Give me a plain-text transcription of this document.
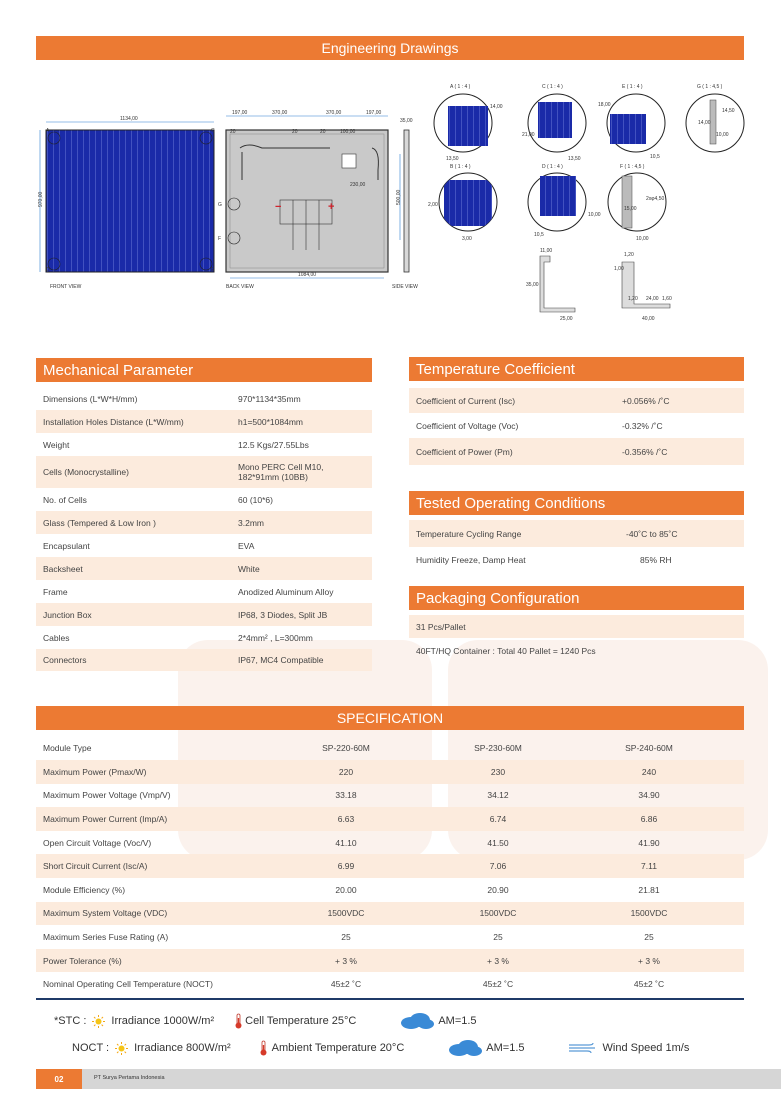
Engineering Drawings
1134,00
970,00
A	C
D	E
FRONT VIEW
197,00	370,00	370,00	197,00
20	20	20	100,00
230,00
−	+
G
F
1084,00
500,00
BACK VIEW
35,00
SIDE VIEW
A ( 1 : 4 )
14,00
13,50
C ( 1 : 4 )
21,00
13,50
E ( 1 : 4 )
18,00
10,5
G ( 1 : 4,5 )
14,00
14,50
10,00
B ( 1 : 4 )
2,00
3,00
D ( 1 : 4 )
10,00
10,5
F ( 1 : 4,5 )
15,00
2xφ4,50
10,00
11,00
35,00
25,00
1,20
1,00
1,20 24,00 1,60
40,00
Mechanical Parameter
Dimensions (L*W*H/mm)	970*1134*35mm
Installation Holes Distance (L*W/mm)	h1=500*1084mm
Weight	12.5 Kgs/27.55Lbs
Cells (Monocrystalline)	Mono PERC Cell M10,
182*91mm (10BB)
No. of Cells	60 (10*6)
Glass (Tempered & Low Iron )	3.2mm
Encapsulant	EVA
Backsheet	White
Frame	Anodized Aluminum Alloy
Junction Box	IP68, 3 Diodes, Split JB
Cables	2*4mm² , L=300mm
Connectors	IP67, MC4 Compatible
Temperature Coefficient
Coefficient of Current (Isc)	+0.056% /˚C
Coefficient of Voltage (Voc)	-0.32% /˚C
Coefficient of Power (Pm)	-0.356% /˚C
Tested Operating Conditions
Temperature Cycling Range	-40˚C to 85˚C
Humidity Freeze, Damp Heat	85% RH
Packaging Configuration
31 Pcs/Pallet
40FT/HQ Container : Total 40 Pallet = 1240 Pcs
SPECIFICATION
Module Type	SP-220-60M	SP-230-60M	SP-240-60M
Maximum Power (Pmax/W)	220	230	240
Maximum Power Voltage (Vmp/V)	33.18	34.12	34.90
Maximum Power Current (Imp/A)	6.63	6.74	6.86
Open Circuit Voltage (Voc/V)	41.10	41.50	41.90
Short Circuit Current (Isc/A)	6.99	7.06	7.11
Module Efficiency (%)	20.00	20.90	21.81
Maximum System Voltage (VDC)	1500VDC	1500VDC	1500VDC
Maximum Series Fuse Rating (A)	25	25	25
Power Tolerance (%)	+ 3 %	+ 3 %	+ 3 %
Nominal Operating Cell Temperature (NOCT)	45±2 ˚C	45±2 ˚C	45±2 ˚C
*STC : Irradiance 1000W/m²	Cell Temperature 25°C	AM=1.5
NOCT : Irradiance 800W/m²	Ambient Temperature 20°C	AM=1.5	Wind Speed 1m/s
02	PT Surya Pertama Indonesia
